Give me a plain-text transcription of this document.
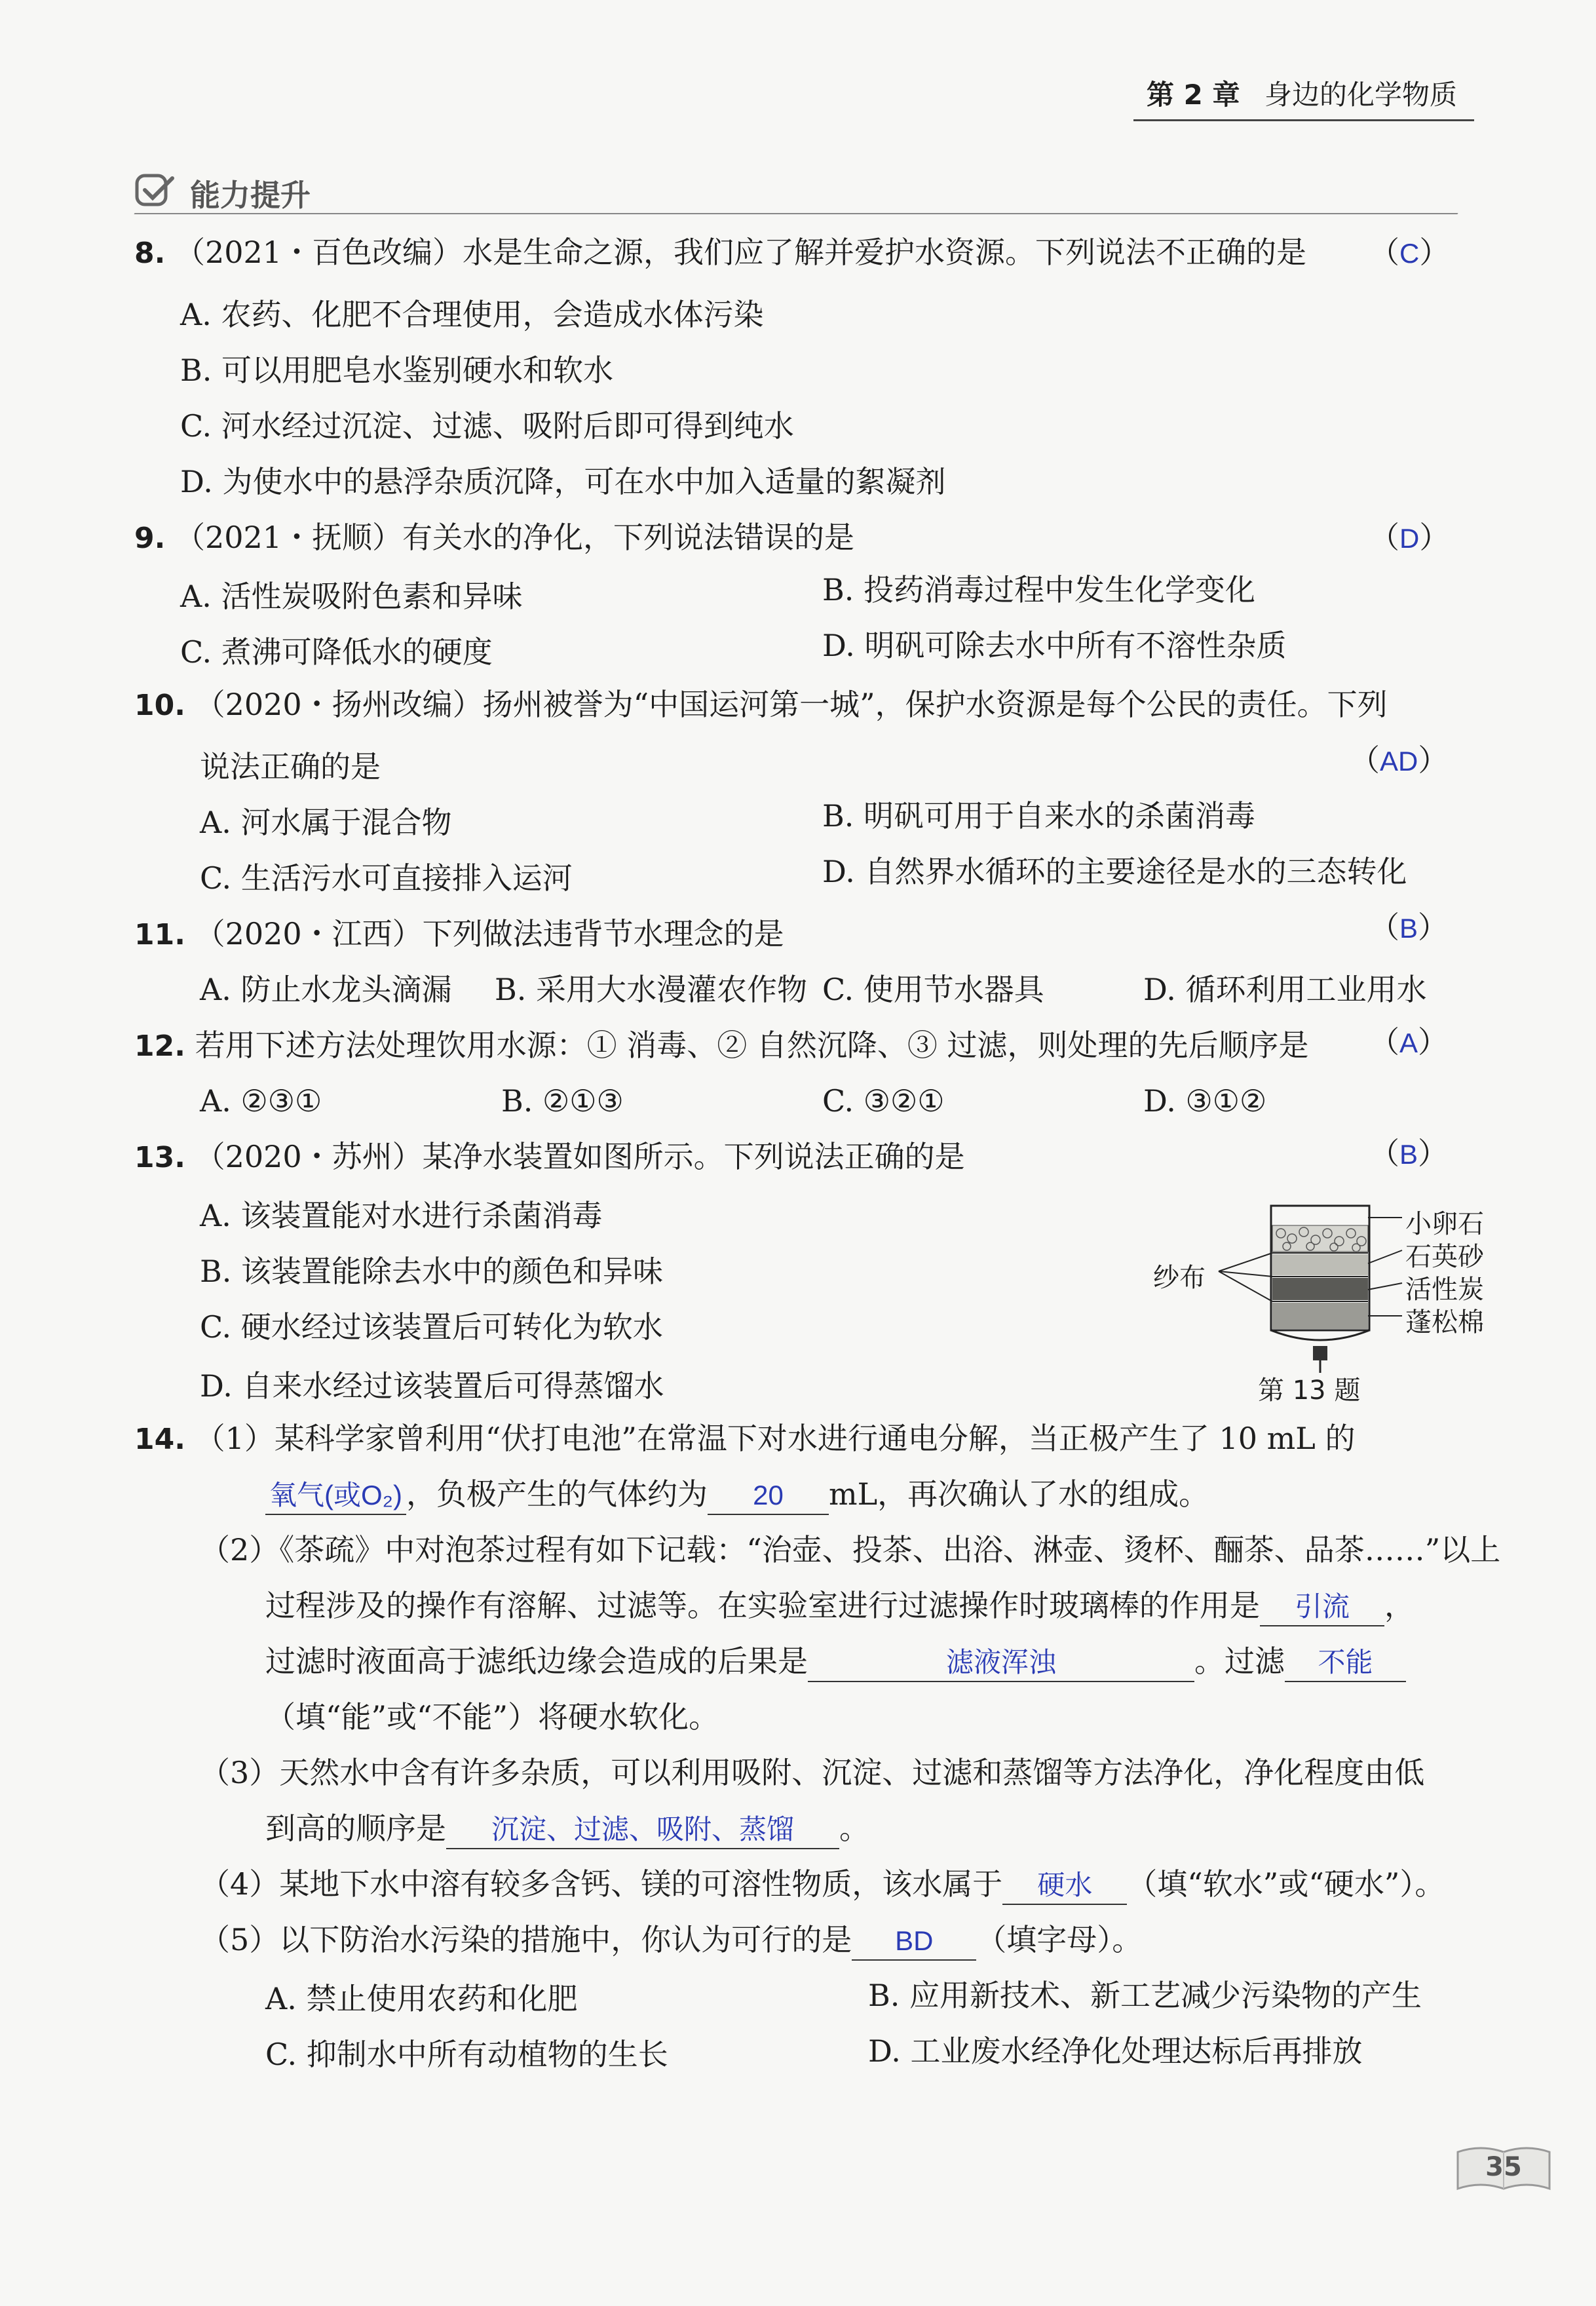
第 2 章 身边的化学物质
能力提升
8. （2021・百色改编）水是生命之源，我们应了解并爱护水资源。下列说法不正确的是 （C）
A. 农药、化肥不合理使用，会造成水体污染
B. 可以用肥皂水鉴别硬水和软水
C. 河水经过沉淀、过滤、吸附后即可得到纯水
D. 为使水中的悬浮杂质沉降，可在水中加入适量的絮凝剂
9. （2021・抚顺）有关水的净化，下列说法错误的是	（D）
A. 活性炭吸附色素和异味	B. 投药消毒过程中发生化学变化
C. 煮沸可降低水的硬度	D. 明矾可除去水中所有不溶性杂质
10. （2020・扬州改编）扬州被誉为“中国运河第一城”，保护水资源是每个公民的责任。下列
说法正确的是	（AD）
A. 河水属于混合物	B. 明矾可用于自来水的杀菌消毒
C. 生活污水可直接排入运河	D. 自然界水循环的主要途径是水的三态转化
11. （2020・江西）下列做法违背节水理念的是	（B）
A. 防止水龙头滴漏 B. 采用大水漫灌农作物 C. 使用节水器具	D. 循环利用工业用水
12. 若用下述方法处理饮用水源：① 消毒、② 自然沉降、③ 过滤，则处理的先后顺序是 （A）
A. ②③①	B. ②①③	C. ③②①	D. ③①②
13. （2020・苏州）某净水装置如图所示。下列说法正确的是	（B）
A. 该装置能对水进行杀菌消毒
B. 该装置能除去水中的颜色和异味
C. 硬水经过该装置后可转化为软水
D. 自来水经过该装置后可得蒸馏水
纱布
小卵石
石英砂
活性炭
蓬松棉
第 13 题
14. （1）某科学家曾利用“伏打电池”在常温下对水进行通电分解，当正极产生了 10 mL 的
氧气(或O₂) ，负极产生的气体约为 20 mL，再次确认了水的组成。
（2）《茶疏》中对泡茶过程有如下记载：“治壶、投茶、出浴、淋壶、烫杯、酾茶、品茶……”以上
过程涉及的操作有溶解、过滤等。在实验室进行过滤操作时玻璃棒的作用是 引流 ，
过滤时液面高于滤纸边缘会造成的后果是	滤液浑浊	。过滤 不能
（填“能”或“不能”）将硬水软化。
（3）天然水中含有许多杂质，可以利用吸附、沉淀、过滤和蒸馏等方法净化，净化程度由低
到高的顺序是 沉淀、过滤、吸附、蒸馏 。
（4）某地下水中溶有较多含钙、镁的可溶性物质，该水属于 硬水 （填“软水”或“硬水”）。
（5）以下防治水污染的措施中，你认为可行的是 BD （填字母）。
A. 禁止使用农药和化肥	B. 应用新技术、新工艺减少污染物的产生
C. 抑制水中所有动植物的生长	D. 工业废水经净化处理达标后再排放
35
